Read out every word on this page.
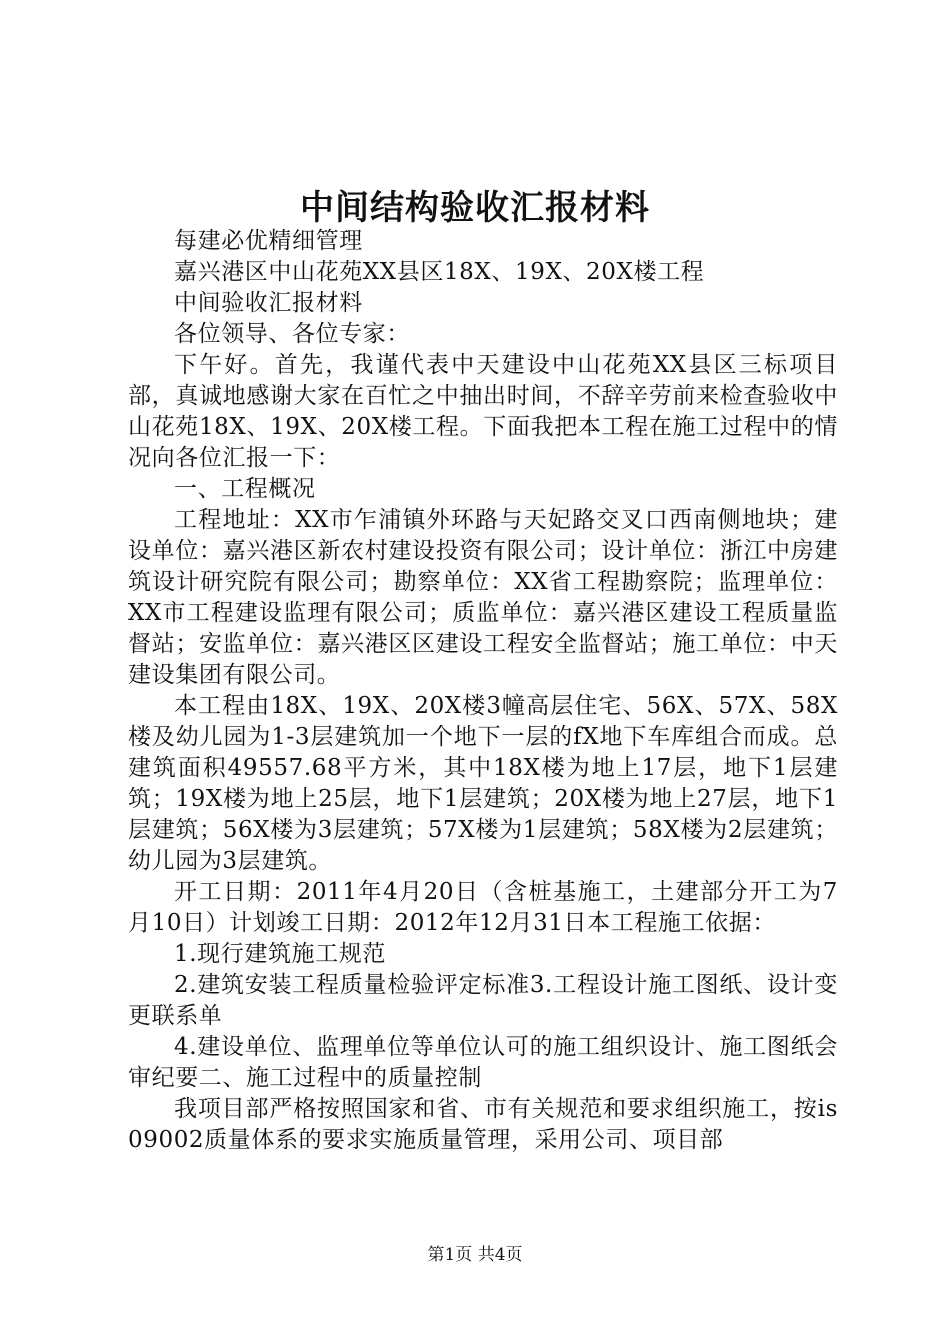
中间结构验收汇报材料

每建必优精细管理

嘉兴港区中山花苑XX县区18X、19X、20X楼工程

中间验收汇报材料

各位领导、各位专家：

下午好。首先，我谨代表中天建设中山花苑XX县区三标项目部，真诚地感谢大家在百忙之中抽出时间，不辞辛劳前来检查验收中山花苑18X、19X、20X楼工程。下面我把本工程在施工过程中的情况向各位汇报一下：

一、工程概况

工程地址：XX市乍浦镇外环路与天妃路交叉口西南侧地块；建设单位：嘉兴港区新农村建设投资有限公司；设计单位：浙江中房建筑设计研究院有限公司；勘察单位：XX省工程勘察院；监理单位：XX市工程建设监理有限公司；质监单位：嘉兴港区建设工程质量监督站；安监单位：嘉兴港区区建设工程安全监督站；施工单位：中天建设集团有限公司。

本工程由18X、19X、20X楼3幢高层住宅、56X、57X、58X楼及幼儿园为1-3层建筑加一个地下一层的fX地下车库组合而成。总建筑面积49557.68平方米，其中18X楼为地上17层，地下1层建筑；19X楼为地上25层，地下1层建筑；20X楼为地上27层，地下1层建筑；56X楼为3层建筑；57X楼为1层建筑；58X楼为2层建筑；幼儿园为3层建筑。

开工日期：2011年4月20日（含桩基施工，土建部分开工为7月10日）计划竣工日期：2012年12月31日本工程施工依据：

1.现行建筑施工规范

2.建筑安装工程质量检验评定标准3.工程设计施工图纸、设计变更联系单

4.建设单位、监理单位等单位认可的施工组织设计、施工图纸会审纪要二、施工过程中的质量控制

我项目部严格按照国家和省、市有关规范和要求组织施工，按is09002质量体系的要求实施质量管理，采用公司、项目部

第1页 共4页
